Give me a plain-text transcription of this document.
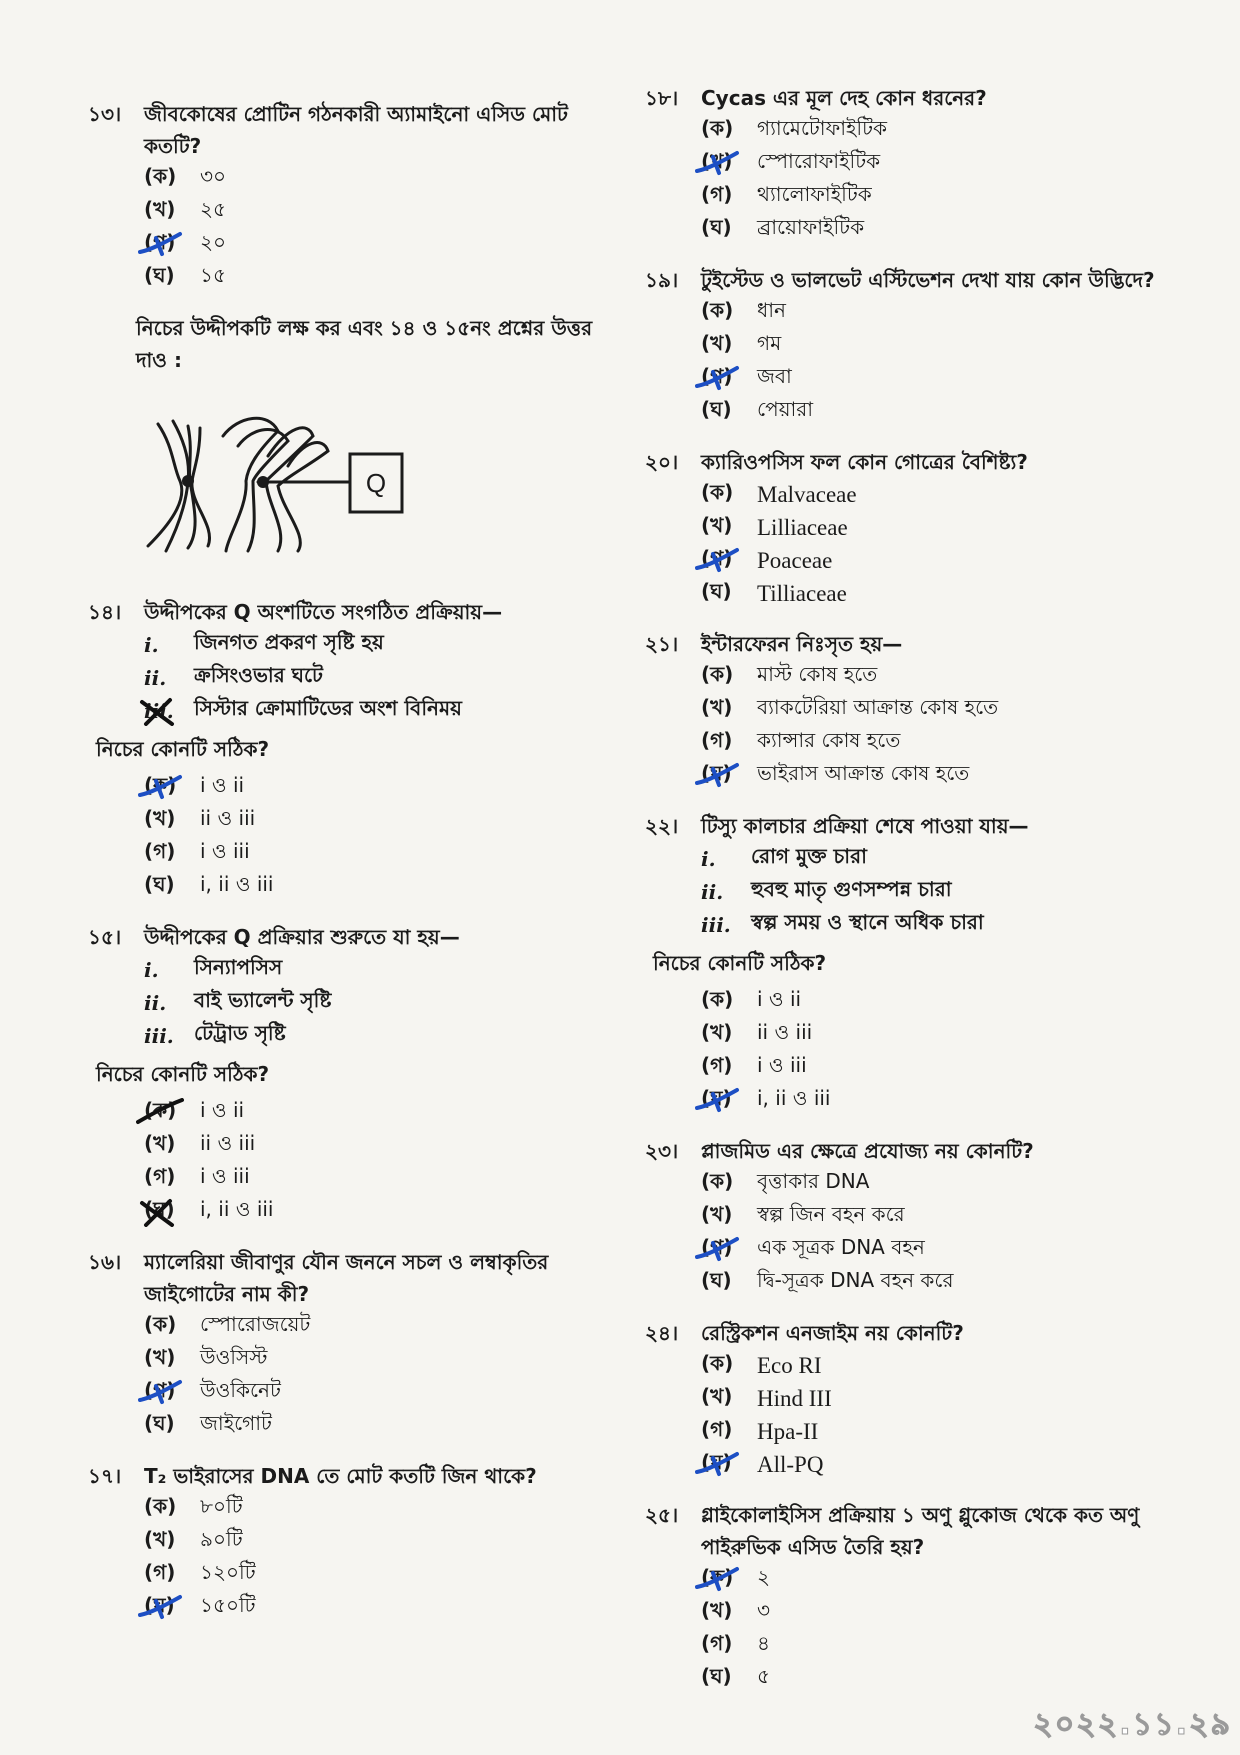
১৩।	জীবকোষের প্রোটিন গঠনকারী অ্যামাইনো এসিড মোট কতটি?
(ক)	৩০
(খ)	২৫
(গ)	২০
(ঘ)	১৫
নিচের উদ্দীপকটি লক্ষ কর এবং ১৪ ও ১৫নং প্রশ্নের উত্তর দাও :
Q
১৪।	উদ্দীপকের Q অংশটিতে সংগঠিত প্রক্রিয়ায়—
i.	জিনগত প্রকরণ সৃষ্টি হয়
ii.	ক্রসিংওভার ঘটে
iii.	সিস্টার ক্রোমাটিডের অংশ বিনিময়
নিচের কোনটি সঠিক?
(ক)	i ও ii
(খ)	ii ও iii
(গ)	i ও iii
(ঘ)	i, ii ও iii
১৫।	উদ্দীপকের Q প্রক্রিয়ার শুরুতে যা হয়—
i.	সিন্যাপসিস
ii.	বাই ভ্যালেন্ট সৃষ্টি
iii.	টেট্রাড সৃষ্টি
নিচের কোনটি সঠিক?
(ক)	i ও ii
(খ)	ii ও iii
(গ)	i ও iii
(ঘ)	i, ii ও iii
১৬।	ম্যালেরিয়া জীবাণুর যৌন জননে সচল ও লম্বাকৃতির জাইগোটের নাম কী?
(ক)	স্পোরোজয়েট
(খ)	উওসিস্ট
(গ)	উওকিনেট
(ঘ)	জাইগোট
১৭।	T₂ ভাইরাসের DNA তে মোট কতটি জিন থাকে?
(ক)	৮০টি
(খ)	৯০টি
(গ)	১২০টি
(ঘ)	১৫০টি
১৮।	Cycas এর মূল দেহ কোন ধরনের?
(ক)	গ্যামেটোফাইটিক
(খ)	স্পোরোফাইটিক
(গ)	থ্যালোফাইটিক
(ঘ)	ব্রায়োফাইটিক
১৯।	টুইস্টেড ও ভালভেট এস্টিভেশন দেখা যায় কোন উদ্ভিদে?
(ক)	ধান
(খ)	গম
(গ)	জবা
(ঘ)	পেয়ারা
২০।	ক্যারিওপসিস ফল কোন গোত্রের বৈশিষ্ট্য?
(ক)	Malvaceae
(খ)	Lilliaceae
(গ)	Poaceae
(ঘ)	Tilliaceae
২১।	ইন্টারফেরন নিঃসৃত হয়—
(ক)	মাস্ট কোষ হতে
(খ)	ব্যাকটেরিয়া আক্রান্ত কোষ হতে
(গ)	ক্যান্সার কোষ হতে
(ঘ)	ভাইরাস আক্রান্ত কোষ হতে
২২।	টিস্যু কালচার প্রক্রিয়া শেষে পাওয়া যায়—
i.	রোগ মুক্ত চারা
ii.	হুবহু মাতৃ গুণসম্পন্ন চারা
iii.	স্বল্প সময় ও স্থানে অধিক চারা
নিচের কোনটি সঠিক?
(ক)	i ও ii
(খ)	ii ও iii
(গ)	i ও iii
(ঘ)	i, ii ও iii
২৩।	প্লাজমিড এর ক্ষেত্রে প্রযোজ্য নয় কোনটি?
(ক)	বৃত্তাকার DNA
(খ)	স্বল্প জিন বহন করে
(গ)	এক সূত্রক DNA বহন
(ঘ)	দ্বি-সূত্রক DNA বহন করে
২৪।	রেস্ট্রিকশন এনজাইম নয় কোনটি?
(ক)	Eco RI
(খ)	Hind III
(গ)	Hpa-II
(ঘ)	All-PQ
২৫।	গ্লাইকোলাইসিস প্রক্রিয়ায় ১ অণু গ্লুকোজ থেকে কত অণু পাইরুভিক এসিড তৈরি হয়?
(ক)	২
(খ)	৩
(গ)	৪
(ঘ)	৫
২০২২.১১.২৯
